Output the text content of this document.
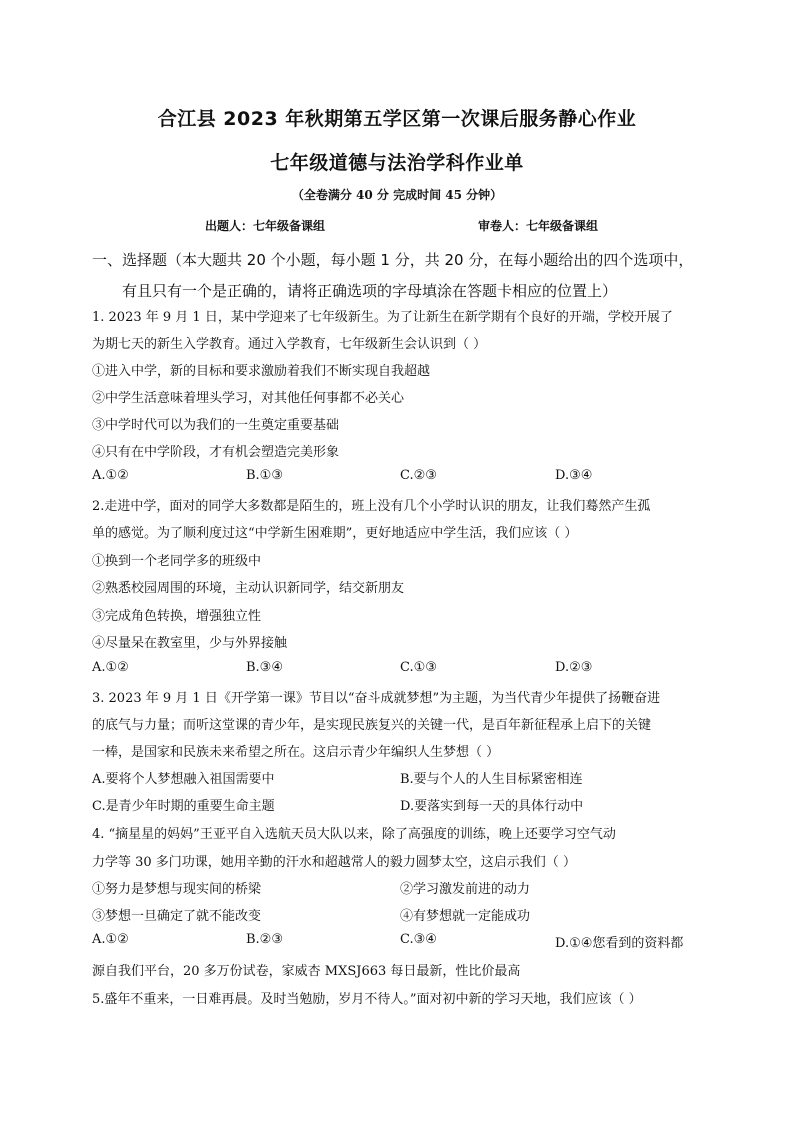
合江县 2023 年秋期第五学区第一次课后服务静心作业
七年级道德与法治学科作业单
（全卷满分 40 分 完成时间 45 分钟）
出题人：七年级备课组	审卷人：七年级备课组
一、选择题（本大题共 20 个小题，每小题 1 分，共 20 分，在每小题给出的四个选项中，
有且只有一个是正确的，请将正确选项的字母填涂在答题卡相应的位置上）
1. 2023 年 9 月 1 日，某中学迎来了七年级新生。为了让新生在新学期有个良好的开端，学校开展了
为期七天的新生入学教育。通过入学教育，七年级新生会认识到（ ）
①进入中学，新的目标和要求激励着我们不断实现自我超越
②中学生活意味着埋头学习，对其他任何事都不必关心
③中学时代可以为我们的一生奠定重要基础
④只有在中学阶段，才有机会塑造完美形象
A.①②	B.①③	C.②③	D.③④
2.走进中学，面对的同学大多数都是陌生的，班上没有几个小学时认识的朋友，让我们蓦然产生孤
单的感觉。为了顺利度过这“中学新生困难期”，更好地适应中学生活，我们应该（ ）
①换到一个老同学多的班级中
②熟悉校园周围的环境，主动认识新同学，结交新朋友
③完成角色转换，增强独立性
④尽量呆在教室里，少与外界接触
A.①②	B.③④	C.①③	D.②③
3. 2023 年 9 月 1 日《开学第一课》节目以“奋斗成就梦想”为主题，为当代青少年提供了扬鞭奋进
的底气与力量；而听这堂课的青少年，是实现民族复兴的关键一代，是百年新征程承上启下的关键
一棒，是国家和民族未来希望之所在。这启示青少年编织人生梦想（ ）
A.要将个人梦想融入祖国需要中	B.要与个人的人生目标紧密相连
C.是青少年时期的重要生命主题	D.要落实到每一天的具体行动中
4. “摘星星的妈妈”王亚平自入选航天员大队以来，除了高强度的训练，晚上还要学习空气动
力学等 30 多门功课，她用辛勤的汗水和超越常人的毅力圆梦太空，这启示我们（ ）
①努力是梦想与现实间的桥梁	②学习激发前进的动力
③梦想一旦确定了就不能改变	④有梦想就一定能成功
A.①②	B.②③	C.③④	D.①④您看到的资料都
源自我们平台，20 多万份试卷，家威杏 MXSJ663 每日最新，性比价最高
5.盛年不重来，一日难再晨。及时当勉励，岁月不待人。”面对初中新的学习天地，我们应该（ ）
